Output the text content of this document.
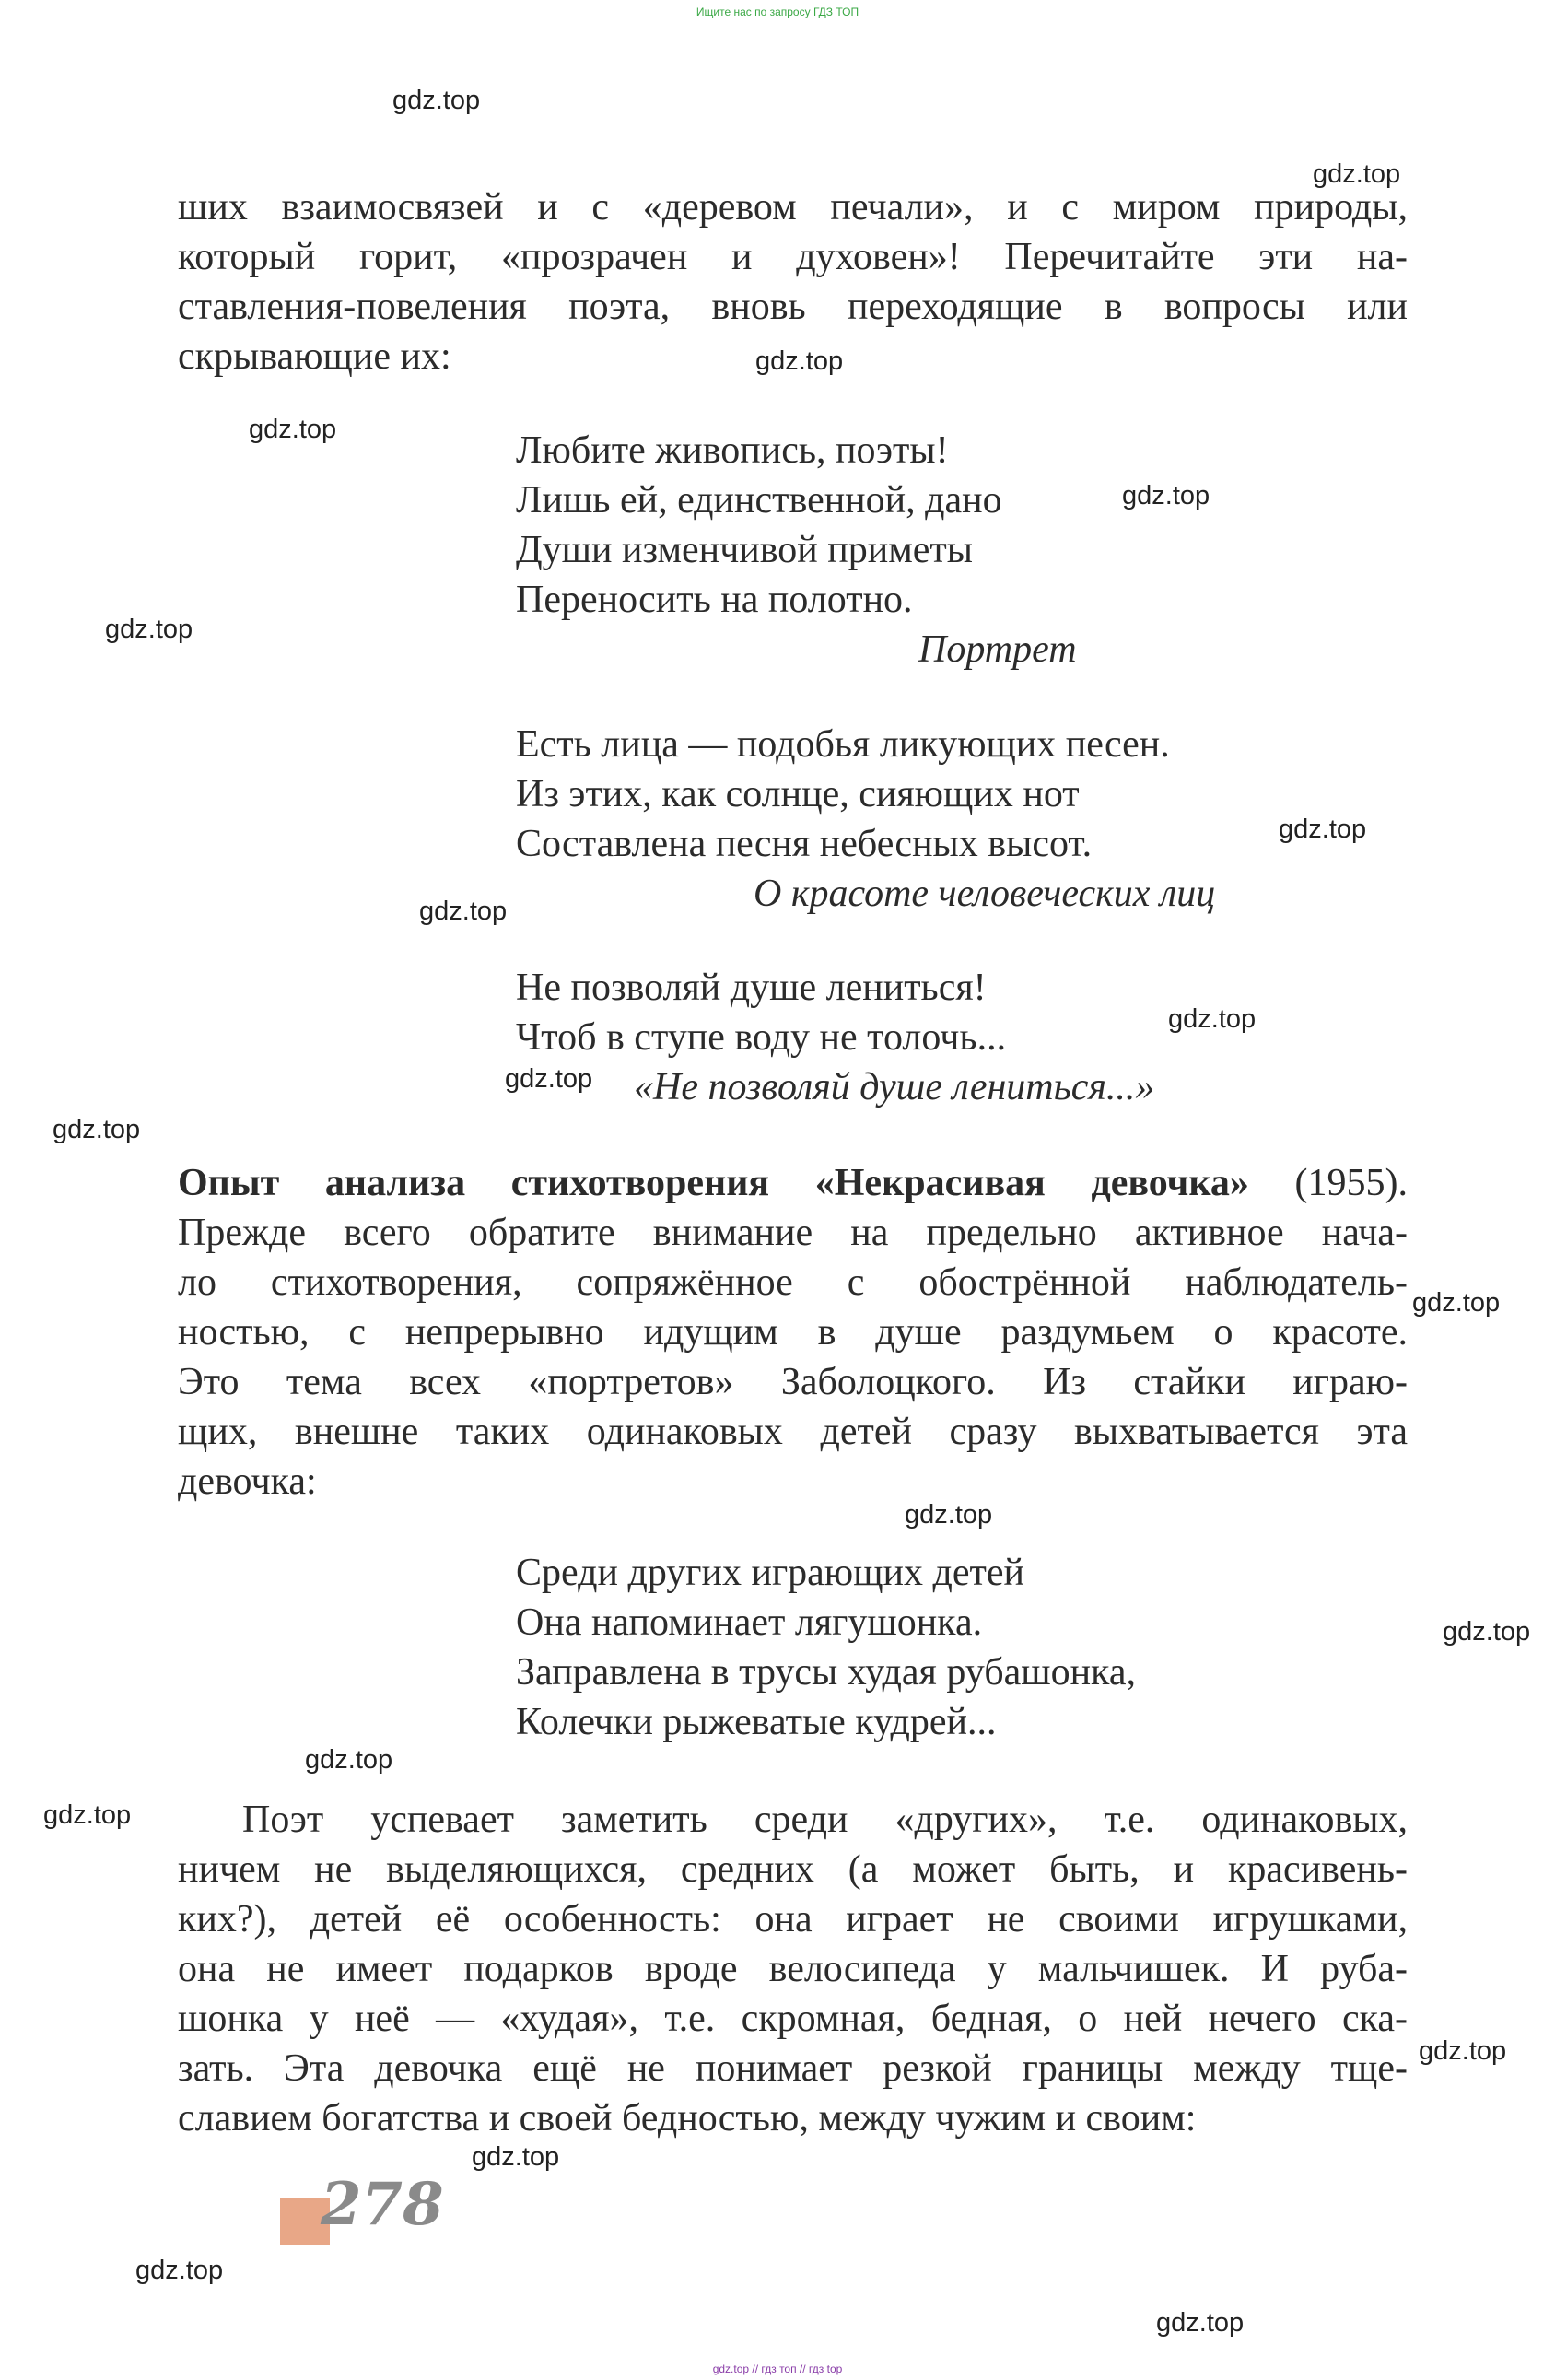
Ищите нас по запросу ГДЗ ТОП
gdz.top
gdz.top
gdz.top
gdz.top
gdz.top
gdz.top
gdz.top
gdz.top
gdz.top
gdz.top
gdz.top
gdz.top
gdz.top
gdz.top
gdz.top
gdz.top
gdz.top
gdz.top
gdz.top
gdz.top
ших взаимосвязей и с «деревом печали», и с миром природы,
который горит, «прозрачен и духовен»! Перечитайте эти на-
ставления-повеления поэта, вновь переходящие в вопросы или
скрывающие их:
Любите живопись, поэты!
Лишь ей, единственной, дано
Души изменчивой приметы
Переносить на полотно.
Портрет
Есть лица — подобья ликующих песен.
Из этих, как солнце, сияющих нот
Составлена песня небесных высот.
О красоте человеческих лиц
Не позволяй душе лениться!
Чтоб в ступе воду не толочь...
«Не позволяй душе лениться...»
Опыт анализа стихотворения «Некрасивая девочка» (1955).
Прежде всего обратите внимание на предельно активное нача-
ло стихотворения, сопряжённое с обострённой наблюдатель-
ностью, с непрерывно идущим в душе раздумьем о красоте.
Это тема всех «портретов» Заболоцкого. Из стайки играю-
щих, внешне таких одинаковых детей сразу выхватывается эта
девочка:
Среди других играющих детей
Она напоминает лягушонка.
Заправлена в трусы худая рубашонка,
Колечки рыжеватые кудрей...
Поэт успевает заметить среди «других», т.е. одинаковых,
ничем не выделяющихся, средних (а может быть, и красивень-
ких?), детей её особенность: она играет не своими игрушками,
она не имеет подарков вроде велосипеда у мальчишек. И руба-
шонка у неё — «худая», т.е. скромная, бедная, о ней нечего ска-
зать. Эта девочка ещё не понимает резкой границы между тще-
славием богатства и своей бедностью, между чужим и своим:
278
gdz.top // гдз топ // гдз top
